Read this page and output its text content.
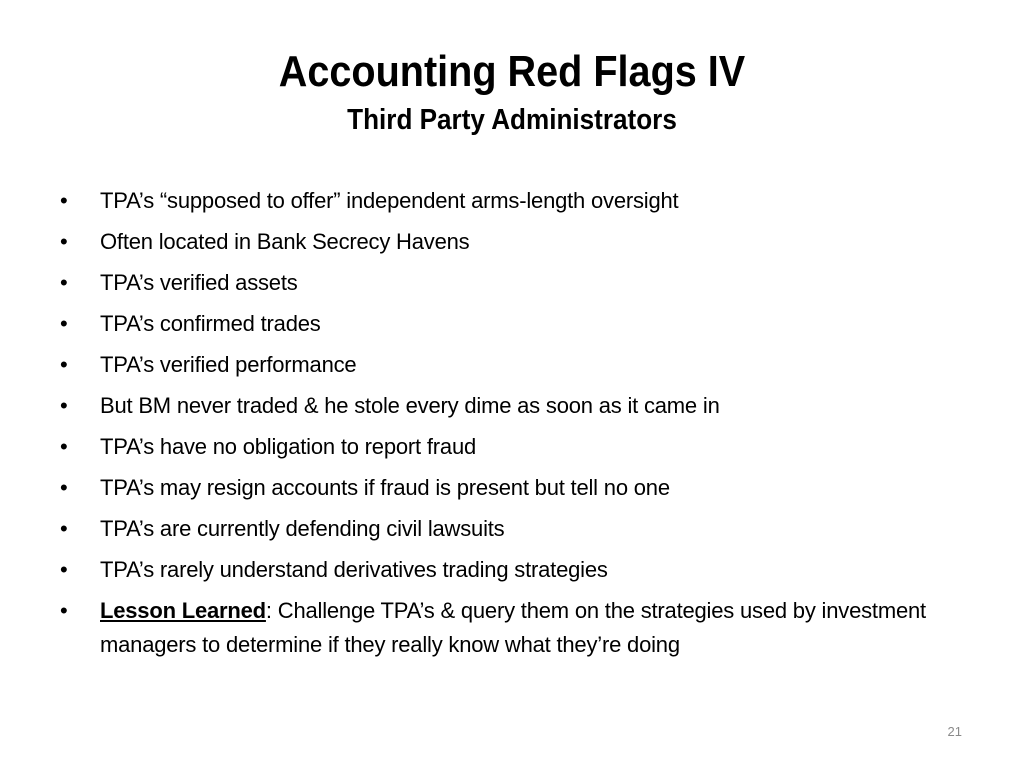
Accounting Red Flags IV
Third Party Administrators
• TPA’s “supposed to offer” independent arms-length oversight
• Often located in Bank Secrecy Havens
• TPA’s verified assets
• TPA’s confirmed trades
• TPA’s verified performance
• But BM never traded & he stole every dime as soon as it came in
• TPA’s have no obligation to report fraud
• TPA’s may resign accounts if fraud is present but tell no one
• TPA’s are currently defending civil lawsuits
• TPA’s rarely understand derivatives trading strategies
• Lesson Learned: Challenge TPA’s & query them on the strategies used by investment managers to determine if they really know what they’re doing
21
